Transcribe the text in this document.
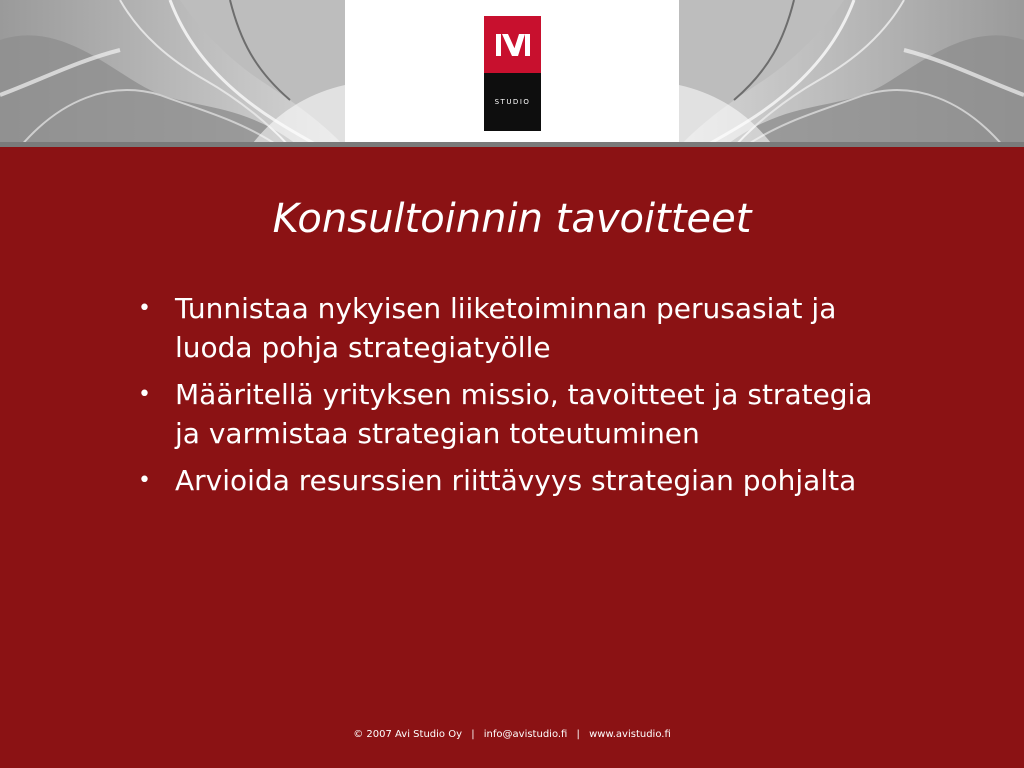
STUDIO
Konsultoinnin tavoitteet
• Tunnistaa nykyisen liiketoiminnan perusasiat ja luoda pohja strategiatyölle
• Määritellä yrityksen missio, tavoitteet ja strategia ja varmistaa strategian toteutuminen
• Arvioida resurssien riittävyys strategian pohjalta
© 2007 Avi Studio Oy | info@avistudio.fi | www.avistudio.fi
